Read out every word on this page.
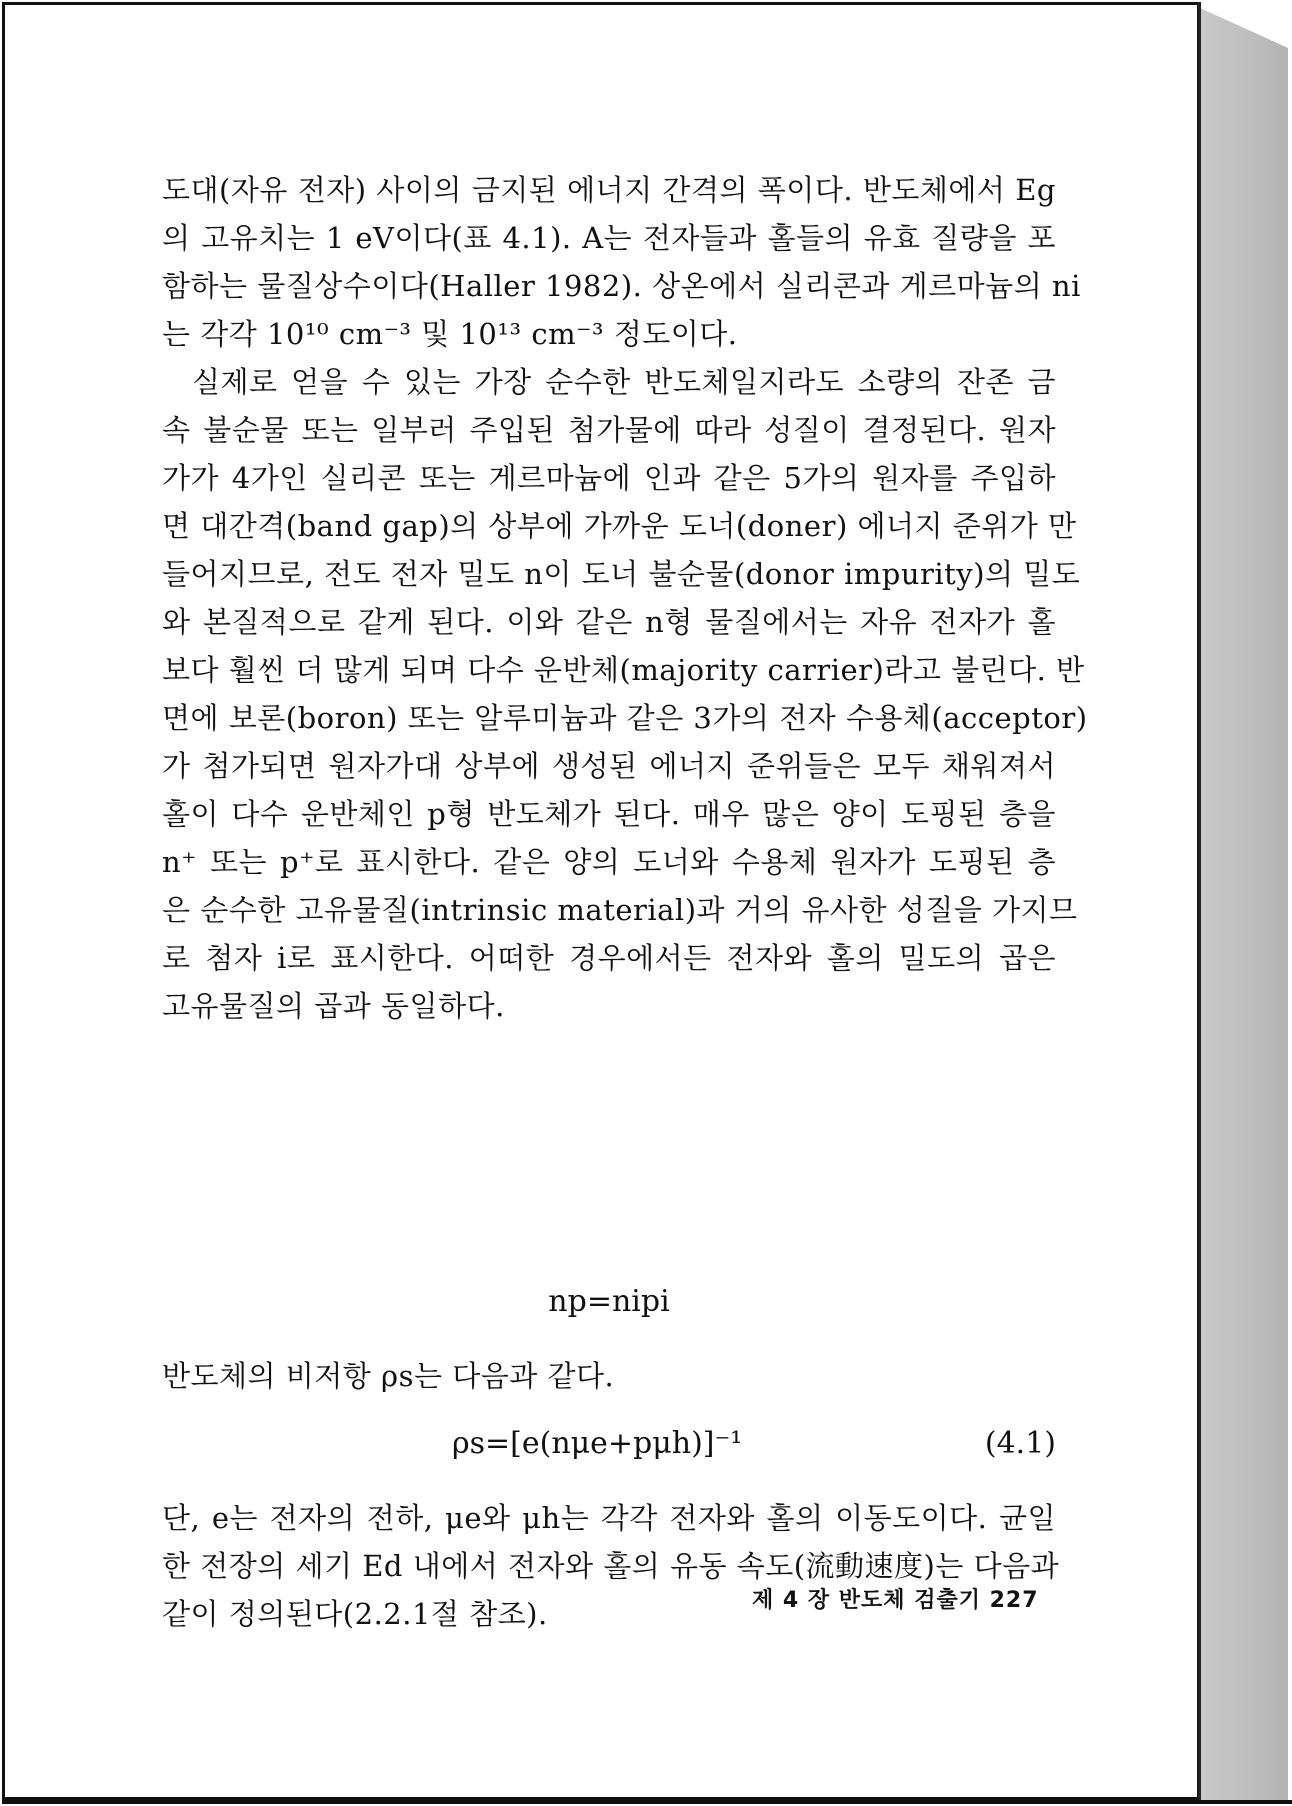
도대(자유 전자) 사이의 금지된 에너지 간격의 폭이다. 반도체에서 Eg
의 고유치는 1 eV이다(표 4.1). A는 전자들과 홀들의 유효 질량을 포
함하는 물질상수이다(Haller 1982). 상온에서 실리콘과 게르마늄의 ni
는 각각 10¹⁰ cm⁻³ 및 10¹³ cm⁻³ 정도이다.
실제로 얻을 수 있는 가장 순수한 반도체일지라도 소량의 잔존 금
속 불순물 또는 일부러 주입된 첨가물에 따라 성질이 결정된다. 원자
가가 4가인 실리콘 또는 게르마늄에 인과 같은 5가의 원자를 주입하
면 대간격(band gap)의 상부에 가까운 도너(doner) 에너지 준위가 만
들어지므로, 전도 전자 밀도 n이 도너 불순물(donor impurity)의 밀도
와 본질적으로 같게 된다. 이와 같은 n형 물질에서는 자유 전자가 홀
보다 훨씬 더 많게 되며 다수 운반체(majority carrier)라고 불린다. 반
면에 보론(boron) 또는 알루미늄과 같은 3가의 전자 수용체(acceptor)
가 첨가되면 원자가대 상부에 생성된 에너지 준위들은 모두 채워져서
홀이 다수 운반체인 p형 반도체가 된다. 매우 많은 양이 도핑된 층을
n⁺ 또는 p⁺로 표시한다. 같은 양의 도너와 수용체 원자가 도핑된 층
은 순수한 고유물질(intrinsic material)과 거의 유사한 성질을 가지므
로 첨자 i로 표시한다. 어떠한 경우에서든 전자와 홀의 밀도의 곱은
고유물질의 곱과 동일하다.
np=nipi
반도체의 비저항 ρs는 다음과 같다.
ρs=[e(nμe+pμh)]⁻¹	(4.1)
단, e는 전자의 전하, μe와 μh는 각각 전자와 홀의 이동도이다. 균일
한 전장의 세기 Ed 내에서 전자와 홀의 유동 속도(流動速度)는 다음과
같이 정의된다(2.2.1절 참조).	제 4 장 반도체 검출기 227
